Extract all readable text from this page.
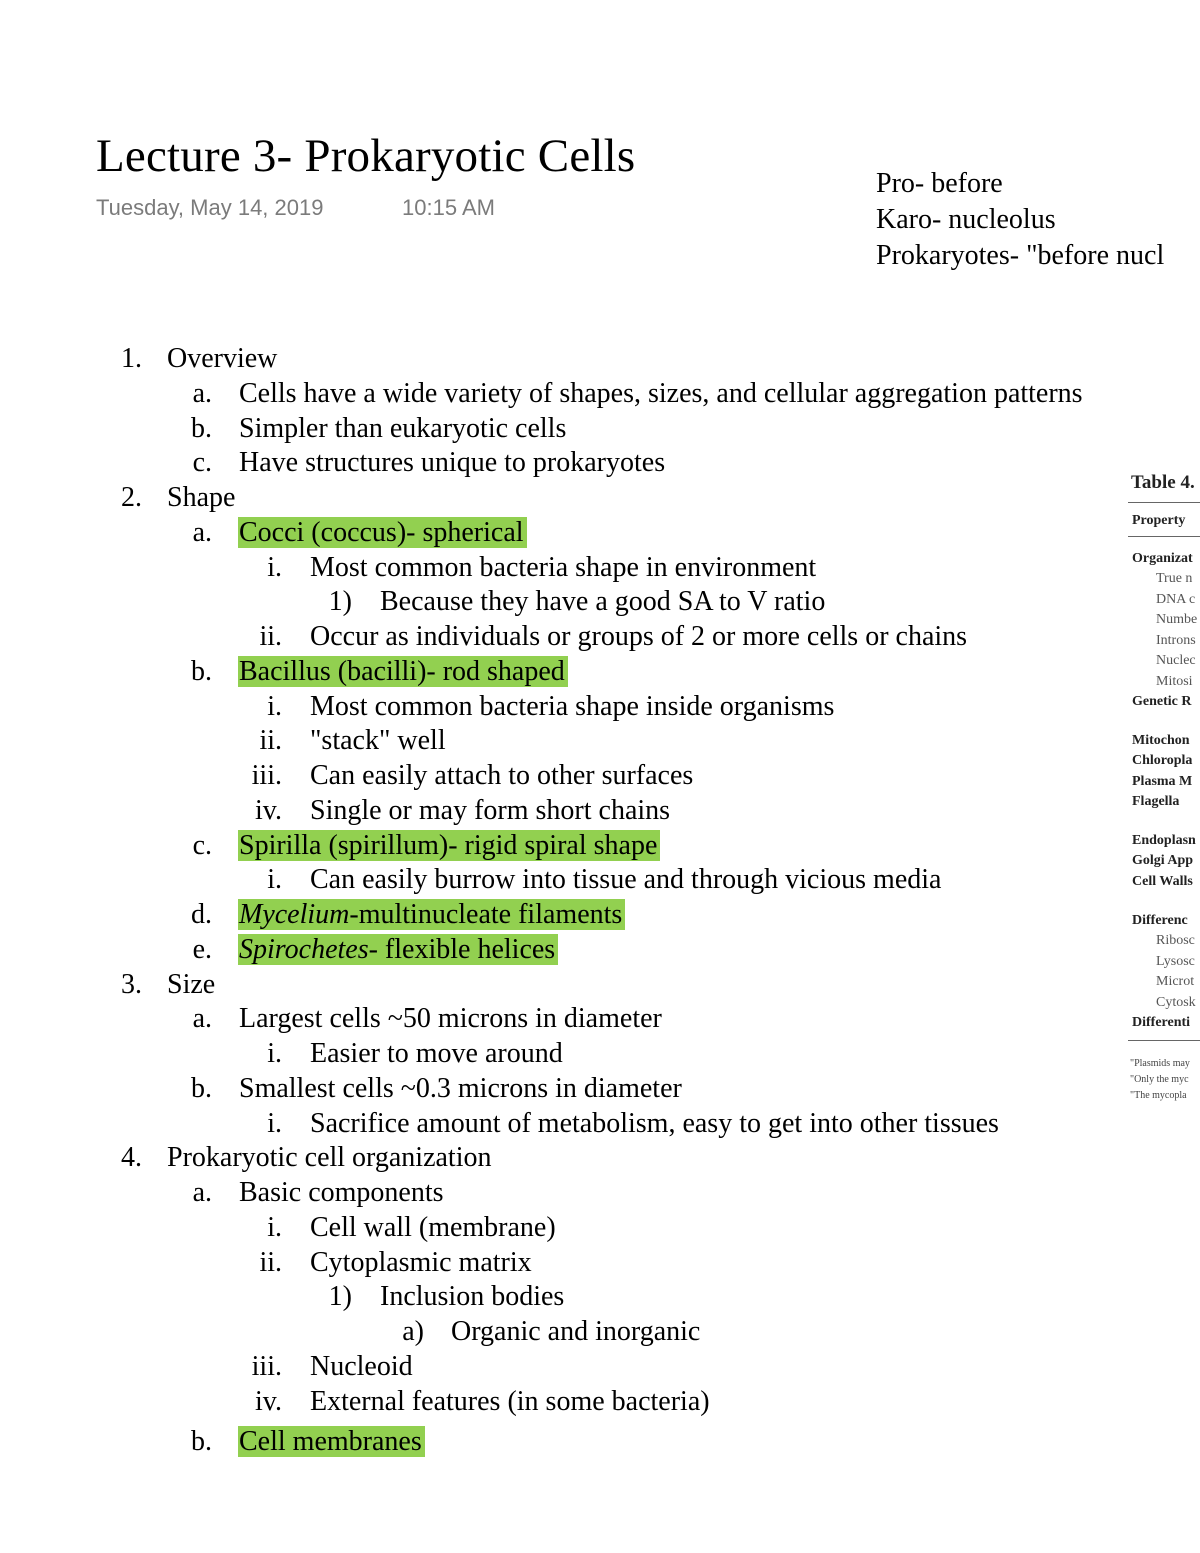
Lecture 3- Prokaryotic Cells
Tuesday, May 14, 2019	10:15 AM
Pro- before
Karo- nucleolus
Prokaryotes- "before nucl
1. Overview
a. Cells have a wide variety of shapes, sizes, and cellular aggregation patterns
b. Simpler than eukaryotic cells
c. Have structures unique to prokaryotes
2. Shape
a. Cocci (coccus)- spherical
i. Most common bacteria shape in environment
1) Because they have a good SA to V ratio
ii. Occur as individuals or groups of 2 or more cells or chains
b. Bacillus (bacilli)- rod shaped
i. Most common bacteria shape inside organisms
ii. "stack" well
iii. Can easily attach to other surfaces
iv. Single or may form short chains
c. Spirilla (spirillum)- rigid spiral shape
i. Can easily burrow into tissue and through vicious media
d. Mycelium-multinucleate filaments
e. Spirochetes- flexible helices
3. Size
a. Largest cells ~50 microns in diameter
i. Easier to move around
b. Smallest cells ~0.3 microns in diameter
i. Sacrifice amount of metabolism, easy to get into other tissues
4. Prokaryotic cell organization
a. Basic components
i. Cell wall (membrane)
ii. Cytoplasmic matrix
1) Inclusion bodies
a) Organic and inorganic
iii. Nucleoid
iv. External features (in some bacteria)
b. Cell membranes
Table 4.
Property
Organizat
True n
DNA c
Numbe
Introns
Nuclec
Mitosi
Genetic R
Mitochon
Chloropla
Plasma M
Flagella
Endoplasn
Golgi App
Cell Walls
Differenc
Ribosc
Lysosc
Microt
Cytosk
Differenti
"Plasmids may
"Only the myc
"The mycopla
